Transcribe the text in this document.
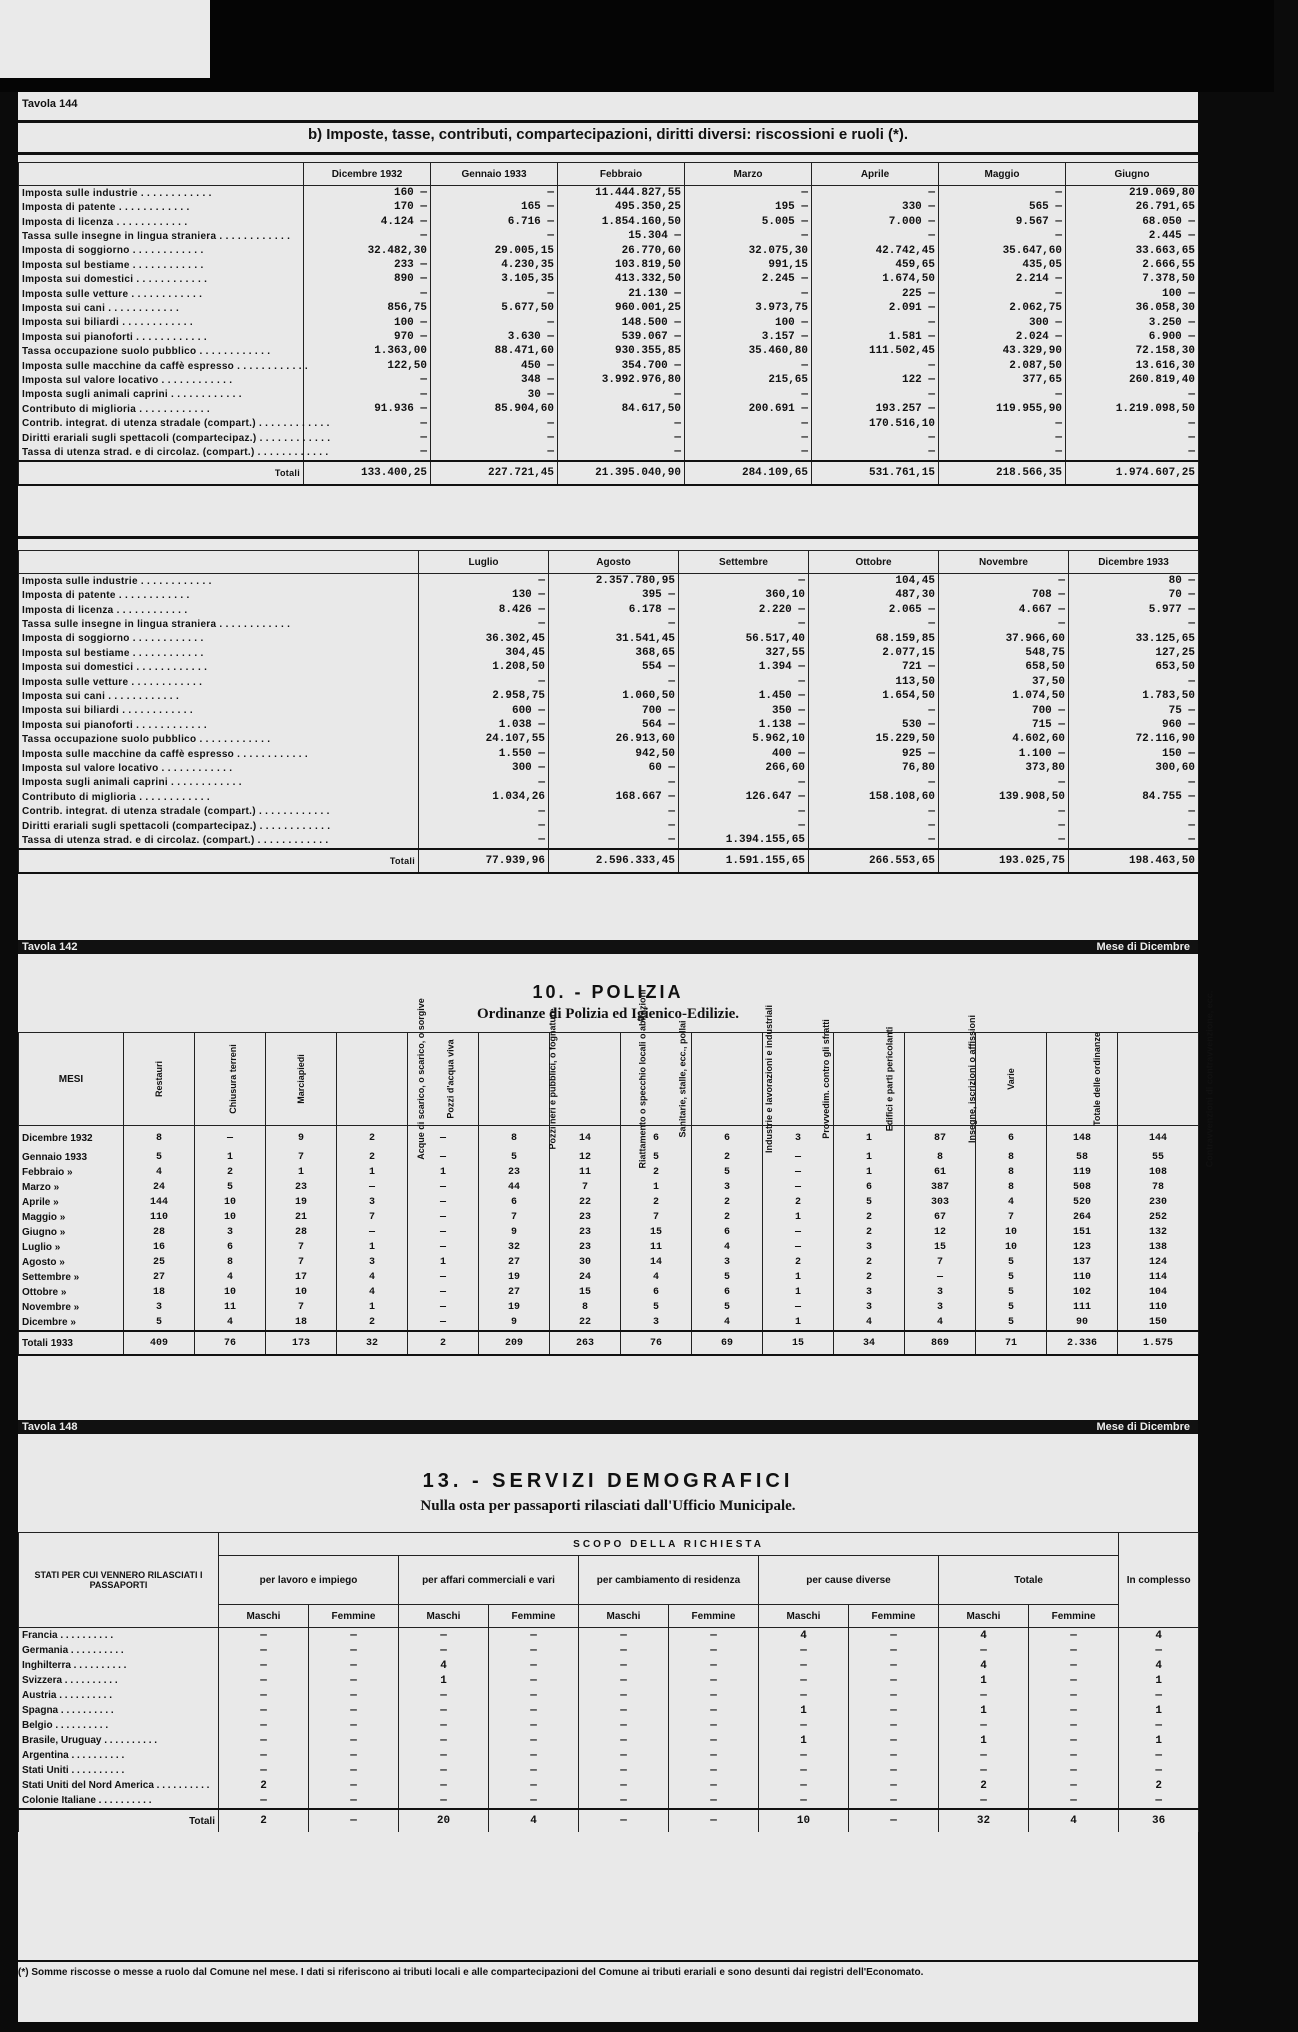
Tavola 144
b) Imposte, tasse, contributi, compartecipazioni, diritti diversi: riscossioni e ruoli (*).
	Dicembre 1932	Gennaio 1933	Febbraio	Marzo	Aprile	Maggio	Giugno
Imposta sulle industrie . . . . . . . . . . . .	160 —	—	11.444.827,55	—	—	—	219.069,80
Imposta di patente . . . . . . . . . . . .	170 —	165 —	495.350,25	195 —	330 —	565 —	26.791,65
Imposta di licenza . . . . . . . . . . . .	4.124 —	6.716 —	1.854.160,50	5.005 —	7.000 —	9.567 —	68.050 —
Tassa sulle insegne in lingua straniera . . . . . . . . . . . .	—	—	15.304 —	—	—	—	2.445 —
Imposta di soggiorno . . . . . . . . . . . .	32.482,30	29.005,15	26.770,60	32.075,30	42.742,45	35.647,60	33.663,65
Imposta sul bestiame . . . . . . . . . . . .	233 —	4.230,35	103.819,50	991,15	459,65	435,05	2.666,55
Imposta sui domestici . . . . . . . . . . . .	890 —	3.105,35	413.332,50	2.245 —	1.674,50	2.214 —	7.378,50
Imposta sulle vetture . . . . . . . . . . . .	—	—	21.130 —	—	225 —	—	100 —
Imposta sui cani . . . . . . . . . . . .	856,75	5.677,50	960.001,25	3.973,75	2.091 —	2.062,75	36.058,30
Imposta sui biliardi . . . . . . . . . . . .	100 —	—	148.500 —	100 —	—	300 —	3.250 —
Imposta sui pianoforti . . . . . . . . . . . .	970 —	3.630 —	539.067 —	3.157 —	1.581 —	2.024 —	6.900 —
Tassa occupazione suolo pubblico . . . . . . . . . . . .	1.363,00	88.471,60	930.355,85	35.460,80	111.502,45	43.329,90	72.158,30
Imposta sulle macchine da caffè espresso . . . . . . . . . . . .	122,50	450 —	354.700 —	—	—	2.087,50	13.616,30
Imposta sul valore locativo . . . . . . . . . . . .	—	348 —	3.992.976,80	215,65	122 —	377,65	260.819,40
Imposta sugli animali caprini . . . . . . . . . . . .	—	30 —	—	—	—	—	—
Contributo di miglioria . . . . . . . . . . . .	91.936 —	85.904,60	84.617,50	200.691 —	193.257 —	119.955,90	1.219.098,50
Contrib. integrat. di utenza stradale (compart.) . . . . . . . . . . . .	—	—	—	—	170.516,10	—	—
Diritti erariali sugli spettacoli (compartecipaz.) . . . . . . . . . . . .	—	—	—	—	—	—	—
Tassa di utenza strad. e di circolaz. (compart.) . . . . . . . . . . . .	—	—	—	—	—	—	—
Totali	133.400,25	227.721,45	21.395.040,90	284.109,65	531.761,15	218.566,35	1.974.607,25
	Luglio	Agosto	Settembre	Ottobre	Novembre	Dicembre 1933
Imposta sulle industrie . . . . . . . . . . . .	—	2.357.780,95	—	104,45	—	80 —
Imposta di patente . . . . . . . . . . . .	130 —	395 —	360,10	487,30	708 —	70 —
Imposta di licenza . . . . . . . . . . . .	8.426 —	6.178 —	2.220 —	2.065 —	4.667 —	5.977 —
Tassa sulle insegne in lingua straniera . . . . . . . . . . . .	—	—	—	—	—	—
Imposta di soggiorno . . . . . . . . . . . .	36.302,45	31.541,45	56.517,40	68.159,85	37.966,60	33.125,65
Imposta sul bestiame . . . . . . . . . . . .	304,45	368,65	327,55	2.077,15	548,75	127,25
Imposta sui domestici . . . . . . . . . . . .	1.208,50	554 —	1.394 —	721 —	658,50	653,50
Imposta sulle vetture . . . . . . . . . . . .	—	—	—	113,50	37,50	—
Imposta sui cani . . . . . . . . . . . .	2.958,75	1.060,50	1.450 —	1.654,50	1.074,50	1.783,50
Imposta sui biliardi . . . . . . . . . . . .	600 —	700 —	350 —	—	700 —	75 —
Imposta sui pianoforti . . . . . . . . . . . .	1.038 —	564 —	1.138 —	530 —	715 —	960 —
Tassa occupazione suolo pubblico . . . . . . . . . . . .	24.107,55	26.913,60	5.962,10	15.229,50	4.602,60	72.116,90
Imposta sulle macchine da caffè espresso . . . . . . . . . . . .	1.550 —	942,50	400 —	925 —	1.100 —	150 —
Imposta sul valore locativo . . . . . . . . . . . .	300 —	60 —	266,60	76,80	373,80	300,60
Imposta sugli animali caprini . . . . . . . . . . . .	—	—	—	—	—	—
Contributo di miglioria . . . . . . . . . . . .	1.034,26	168.667 —	126.647 —	158.108,60	139.908,50	84.755 —
Contrib. integrat. di utenza stradale (compart.) . . . . . . . . . . . .	—	—	—	—	—	—
Diritti erariali sugli spettacoli (compartecipaz.) . . . . . . . . . . . .	—	—	—	—	—	—
Tassa di utenza strad. e di circolaz. (compart.) . . . . . . . . . . . .	—	—	1.394.155,65	—	—	—
Totali	77.939,96	2.596.333,45	1.591.155,65	266.553,65	193.025,75	198.463,50
Tavola 142	Mese di Dicembre
10. - POLIZIA
Ordinanze di Polizia ed Igienico-Edilizie.
MESI	Restauri	Chiusura terreni	Marciapiedi	Acque di scarico, o scarico, o sorgive	Pozzi d'acqua viva	Pozzi neri e pubblici, o fognature	Riattamento o specchio locali o abitazioni	Sanitarie, stalle, ecc., pollai	Industrie e lavorazioni e industriali	Provvedim. contro gli sfratti	Edifici e parti pericolanti	Insegne, iscrizioni o affissioni	Varie	Totale delle ordinanze	Contravvenzioni di contravvenzione, ecc.
Dicembre 1932	8	—	9	2	—	8	14	6	6	3	1	87	6	148	144
Gennaio 1933	5	1	7	2	—	5	12	5	2	—	1	8	8	58	55
Febbraio »	4	2	1	1	1	23	11	2	5	—	1	61	8	119	108
Marzo »	24	5	23	—	—	44	7	1	3	—	6	387	8	508	78
Aprile »	144	10	19	3	—	6	22	2	2	2	5	303	4	520	230
Maggio »	110	10	21	7	—	7	23	7	2	1	2	67	7	264	252
Giugno »	28	3	28	—	—	9	23	15	6	—	2	12	10	151	132
Luglio »	16	6	7	1	—	32	23	11	4	—	3	15	10	123	138
Agosto »	25	8	7	3	1	27	30	14	3	2	2	7	5	137	124
Settembre »	27	4	17	4	—	19	24	4	5	1	2	—	5	110	114
Ottobre »	18	10	10	4	—	27	15	6	6	1	3	3	5	102	104
Novembre »	3	11	7	1	—	19	8	5	5	—	3	3	5	111	110
Dicembre »	5	4	18	2	—	9	22	3	4	1	4	4	5	90	150
Totali 1933	409	76	173	32	2	209	263	76	69	15	34	869	71	2.336	1.575
Tavola 148	Mese di Dicembre
13. - SERVIZI DEMOGRAFICI
Nulla osta per passaporti rilasciati dall'Ufficio Municipale.
STATI PER CUI VENNERO RILASCIATI I PASSAPORTI	SCOPO DELLA RICHIESTA										In complesso
	per lavoro e impiego		per affari commerciali e vari		per cambiamento di residenza		per cause diverse		Totale		
	Maschi	Femmine	Maschi	Femmine	Maschi	Femmine	Maschi	Femmine	Maschi	Femmine	
Francia . . . . . . . . . .	—	—	—	—	—	—	4	—	4	—	4
Germania . . . . . . . . . .	—	—	—	—	—	—	—	—	—	—	—
Inghilterra . . . . . . . . . .	—	—	4	—	—	—	—	—	4	—	4
Svizzera . . . . . . . . . .	—	—	1	—	—	—	—	—	1	—	1
Austria . . . . . . . . . .	—	—	—	—	—	—	—	—	—	—	—
Spagna . . . . . . . . . .	—	—	—	—	—	—	1	—	1	—	1
Belgio . . . . . . . . . .	—	—	—	—	—	—	—	—	—	—	—
Brasile, Uruguay . . . . . . . . . .	—	—	—	—	—	—	1	—	1	—	1
Argentina . . . . . . . . . .	—	—	—	—	—	—	—	—	—	—	—
Stati Uniti . . . . . . . . . .	—	—	—	—	—	—	—	—	—	—	—
Stati Uniti del Nord America . . . . . . . . . .	2	—	—	—	—	—	—	—	2	—	2
Colonie Italiane . . . . . . . . . .	—	—	—	—	—	—	—	—	—	—	—
Totali	2	—	20	4	—	—	10	—	32	4	36
(*) Somme riscosse o messe a ruolo dal Comune nel mese. I dati si riferiscono ai tributi locali e alle compartecipazioni del Comune ai tributi erariali e sono desunti dai registri dell'Economato.
